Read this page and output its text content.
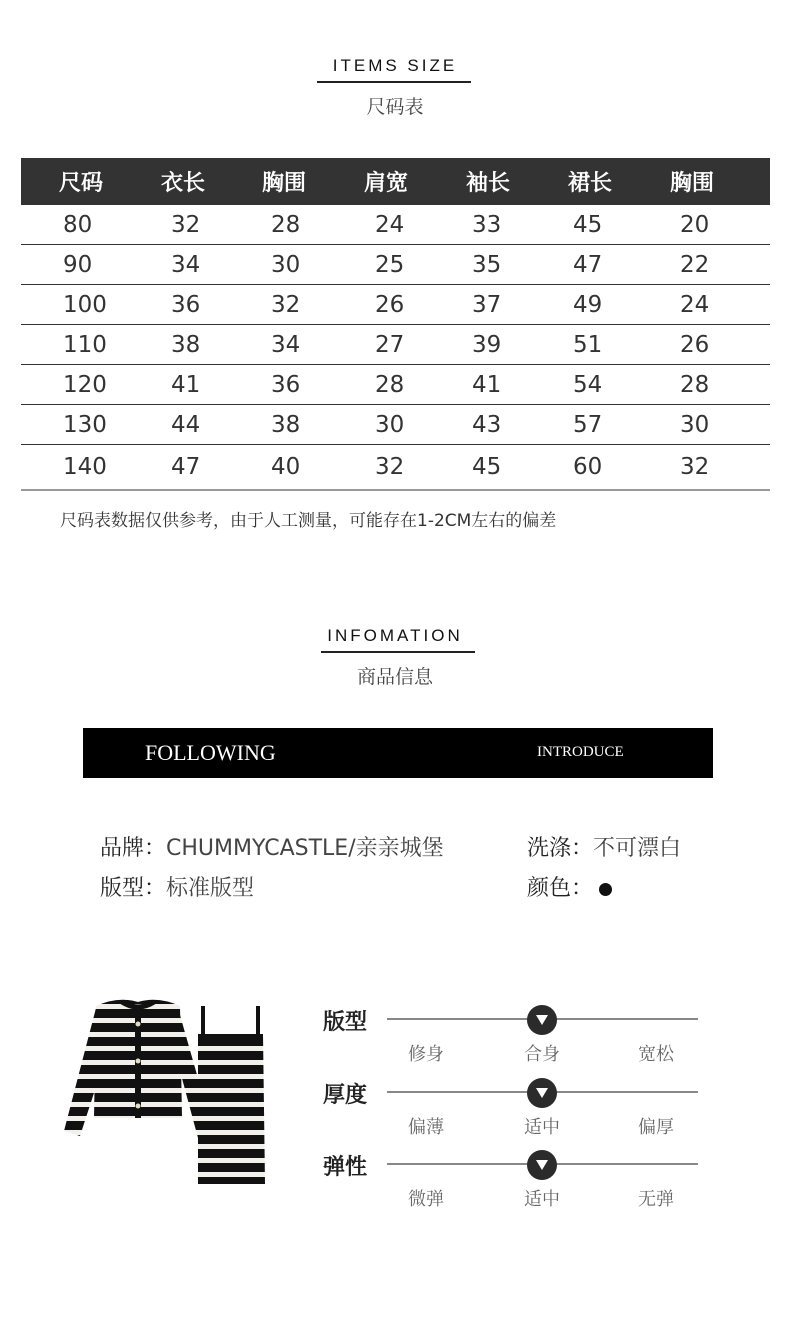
ITEMS SIZE
尺码表
尺码	衣长	胸围	肩宽	袖长	裙长	胸围
80	32	28	24	33	45	20
90	34	30	25	35	47	22
100	36	32	26	37	49	24
110	38	34	27	39	51	26
120	41	36	28	41	54	28
130	44	38	30	43	57	30
140	47	40	32	45	60	32
尺码表数据仅供参考，由于人工测量，可能存在1-2CM左右的偏差
INFOMATION
商品信息
FOLLOWING	INTRODUCE
品牌：CHUMMYCASTLE/亲亲城堡	洗涤：不可漂白
版型：标准版型	颜色：
版型
修身	合身	宽松
厚度
偏薄	适中	偏厚
弹性
微弹	适中	无弹
